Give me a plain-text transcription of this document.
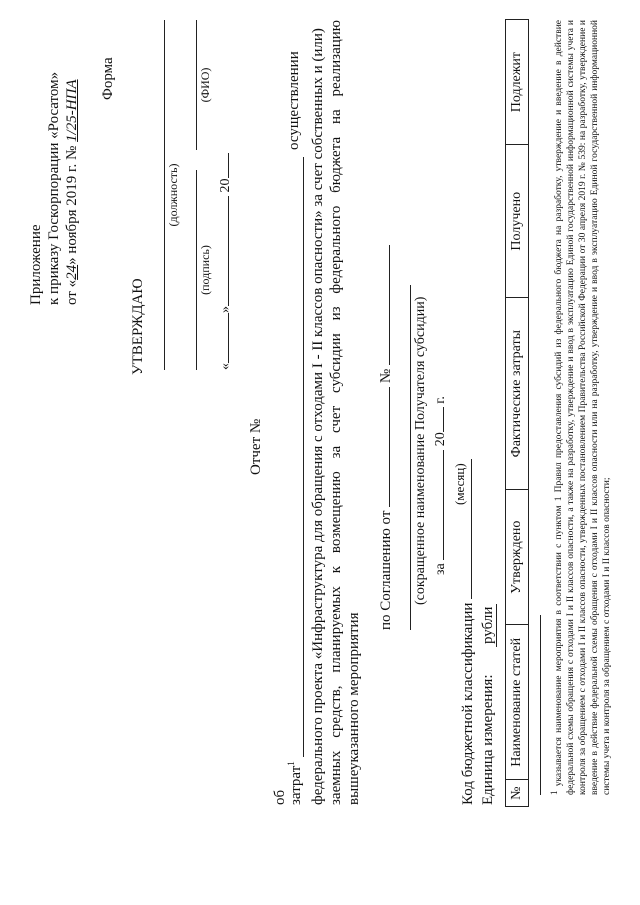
Приложение к приказу Госкорпорации «Росатом» от «24» ноября 2019 г. № 1/25-НПА
Форма
УТВЕРЖДАЮ
(должность)
(подпись)
(ФИО)
«» 20
Отчет №
об затрат$^1$
осуществлении федерального проекта «Инфраструктура для обращения с отходами I - II классов опасности» за счет собственных и (или) заемных средств, планируемых к возмещению за счет субсидии из федерального бюджета на реализацию вышеуказанного мероприятия
по Соглашению от  № (сокращенное наименование Получателя субсидии) за  20 г.
(месяц)
Код бюджетной классификации Единица измерения:  рубли
№	Наименование статей	Утверждено	Фактические затраты	Получено	Подлежит
$^1$ указывается наименование мероприятия в соответствии с пунктом 1 Правил предоставления субсидий из федерального бюджета на разработку, утверждение и введение в действие федеральной схемы обращения с отходами I и II классов опасности, а также на разработку, утверждение и ввод в эксплуатацию Единой государственной информационной системы учета и контроля за обращением с отходами I и II классов опасности, утвержденных постановлением Правительства Российской Федерации от 30 апреля 2019 г. № 539: на разработку, утверждение и введение в действие федеральной схемы обращения с отходами I и II классов опасности или на разработку, утверждение и ввод в эксплуатацию Единой государственной информационной системы учета и контроля за обращением с отходами I и II классов опасности;
